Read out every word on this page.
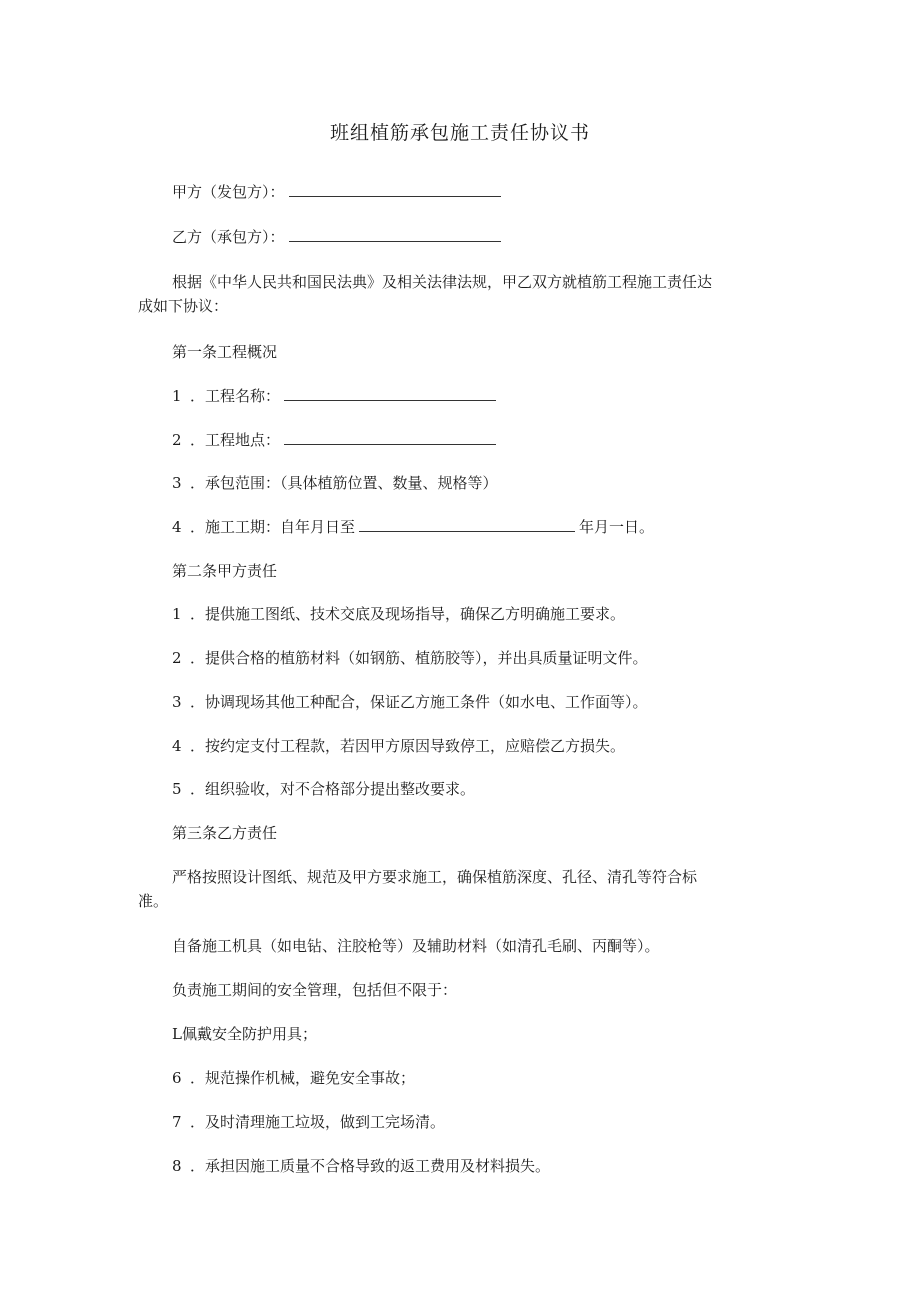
班组植筋承包施工责任协议书
甲方（发包方）：
乙方（承包方）：
根据《中华人民共和国民法典》及相关法律法规，甲乙双方就植筋工程施工责任达
成如下协议：
第一条工程概况
1 ．工程名称：
2 ．工程地点：
3 ．承包范围：（具体植筋位置、数量、规格等）
4 ．施工工期：自年月日至	年月一日。
第二条甲方责任
1 ．提供施工图纸、技术交底及现场指导，确保乙方明确施工要求。
2 ．提供合格的植筋材料（如钢筋、植筋胶等），并出具质量证明文件。
3 ．协调现场其他工种配合，保证乙方施工条件（如水电、工作面等）。
4 ．按约定支付工程款，若因甲方原因导致停工，应赔偿乙方损失。
5 ．组织验收，对不合格部分提出整改要求。
第三条乙方责任
严格按照设计图纸、规范及甲方要求施工，确保植筋深度、孔径、清孔等符合标
准。
自备施工机具（如电钻、注胶枪等）及辅助材料（如清孔毛刷、丙酮等）。
负责施工期间的安全管理，包括但不限于：
L佩戴安全防护用具；
6 ．规范操作机械，避免安全事故；
7 ．及时清理施工垃圾，做到工完场清。
8 ．承担因施工质量不合格导致的返工费用及材料损失。
